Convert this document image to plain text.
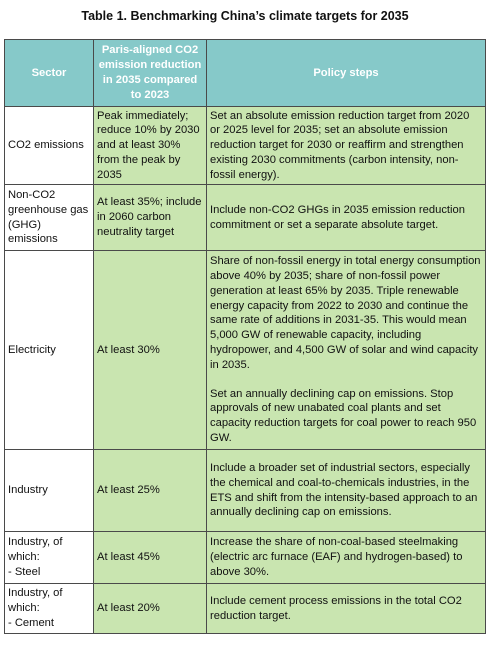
Table 1. Benchmarking China’s climate targets for 2035
Sector	Paris-aligned CO2 emission reduction in 2035 compared to 2023	Policy steps
CO2 emissions	Peak immediately; reduce 10% by 2030 and at least 30% from the peak by 2035	Set an absolute emission reduction target from 2020 or 2025 level for 2035; set an absolute emission reduction target for 2030 or reaffirm and strengthen existing 2030 commitments (carbon intensity, non-fossil energy).
Non-CO2 greenhouse gas (GHG) emissions	At least 35%; include in 2060 carbon neutrality target	Include non-CO2 GHGs in 2035 emission reduction commitment or set a separate absolute target.
Electricity	At least 30%	Share of non-fossil energy in total energy consumption above 40% by 2035; share of non-fossil power generation at least 65% by 2035. Triple renewable energy capacity from 2022 to 2030 and continue the same rate of additions in 2031-35. This would mean 5,000 GW of renewable capacity, including hydropower, and 4,500 GW of solar and wind capacity in 2035.
Set an annually declining cap on emissions. Stop approvals of new unabated coal plants and set capacity reduction targets for coal power to reach 950 GW.
Industry	At least 25%	Include a broader set of industrial sectors, especially the chemical and coal-to-chemicals industries, in the ETS and shift from the intensity-based approach to an annually declining cap on emissions.
Industry, of which:
- Steel	At least 45%	Increase the share of non-coal-based steelmaking (electric arc furnace (EAF) and hydrogen-based) to above 30%.
Industry, of which:
- Cement	At least 20%	Include cement process emissions in the total CO2 reduction target.
